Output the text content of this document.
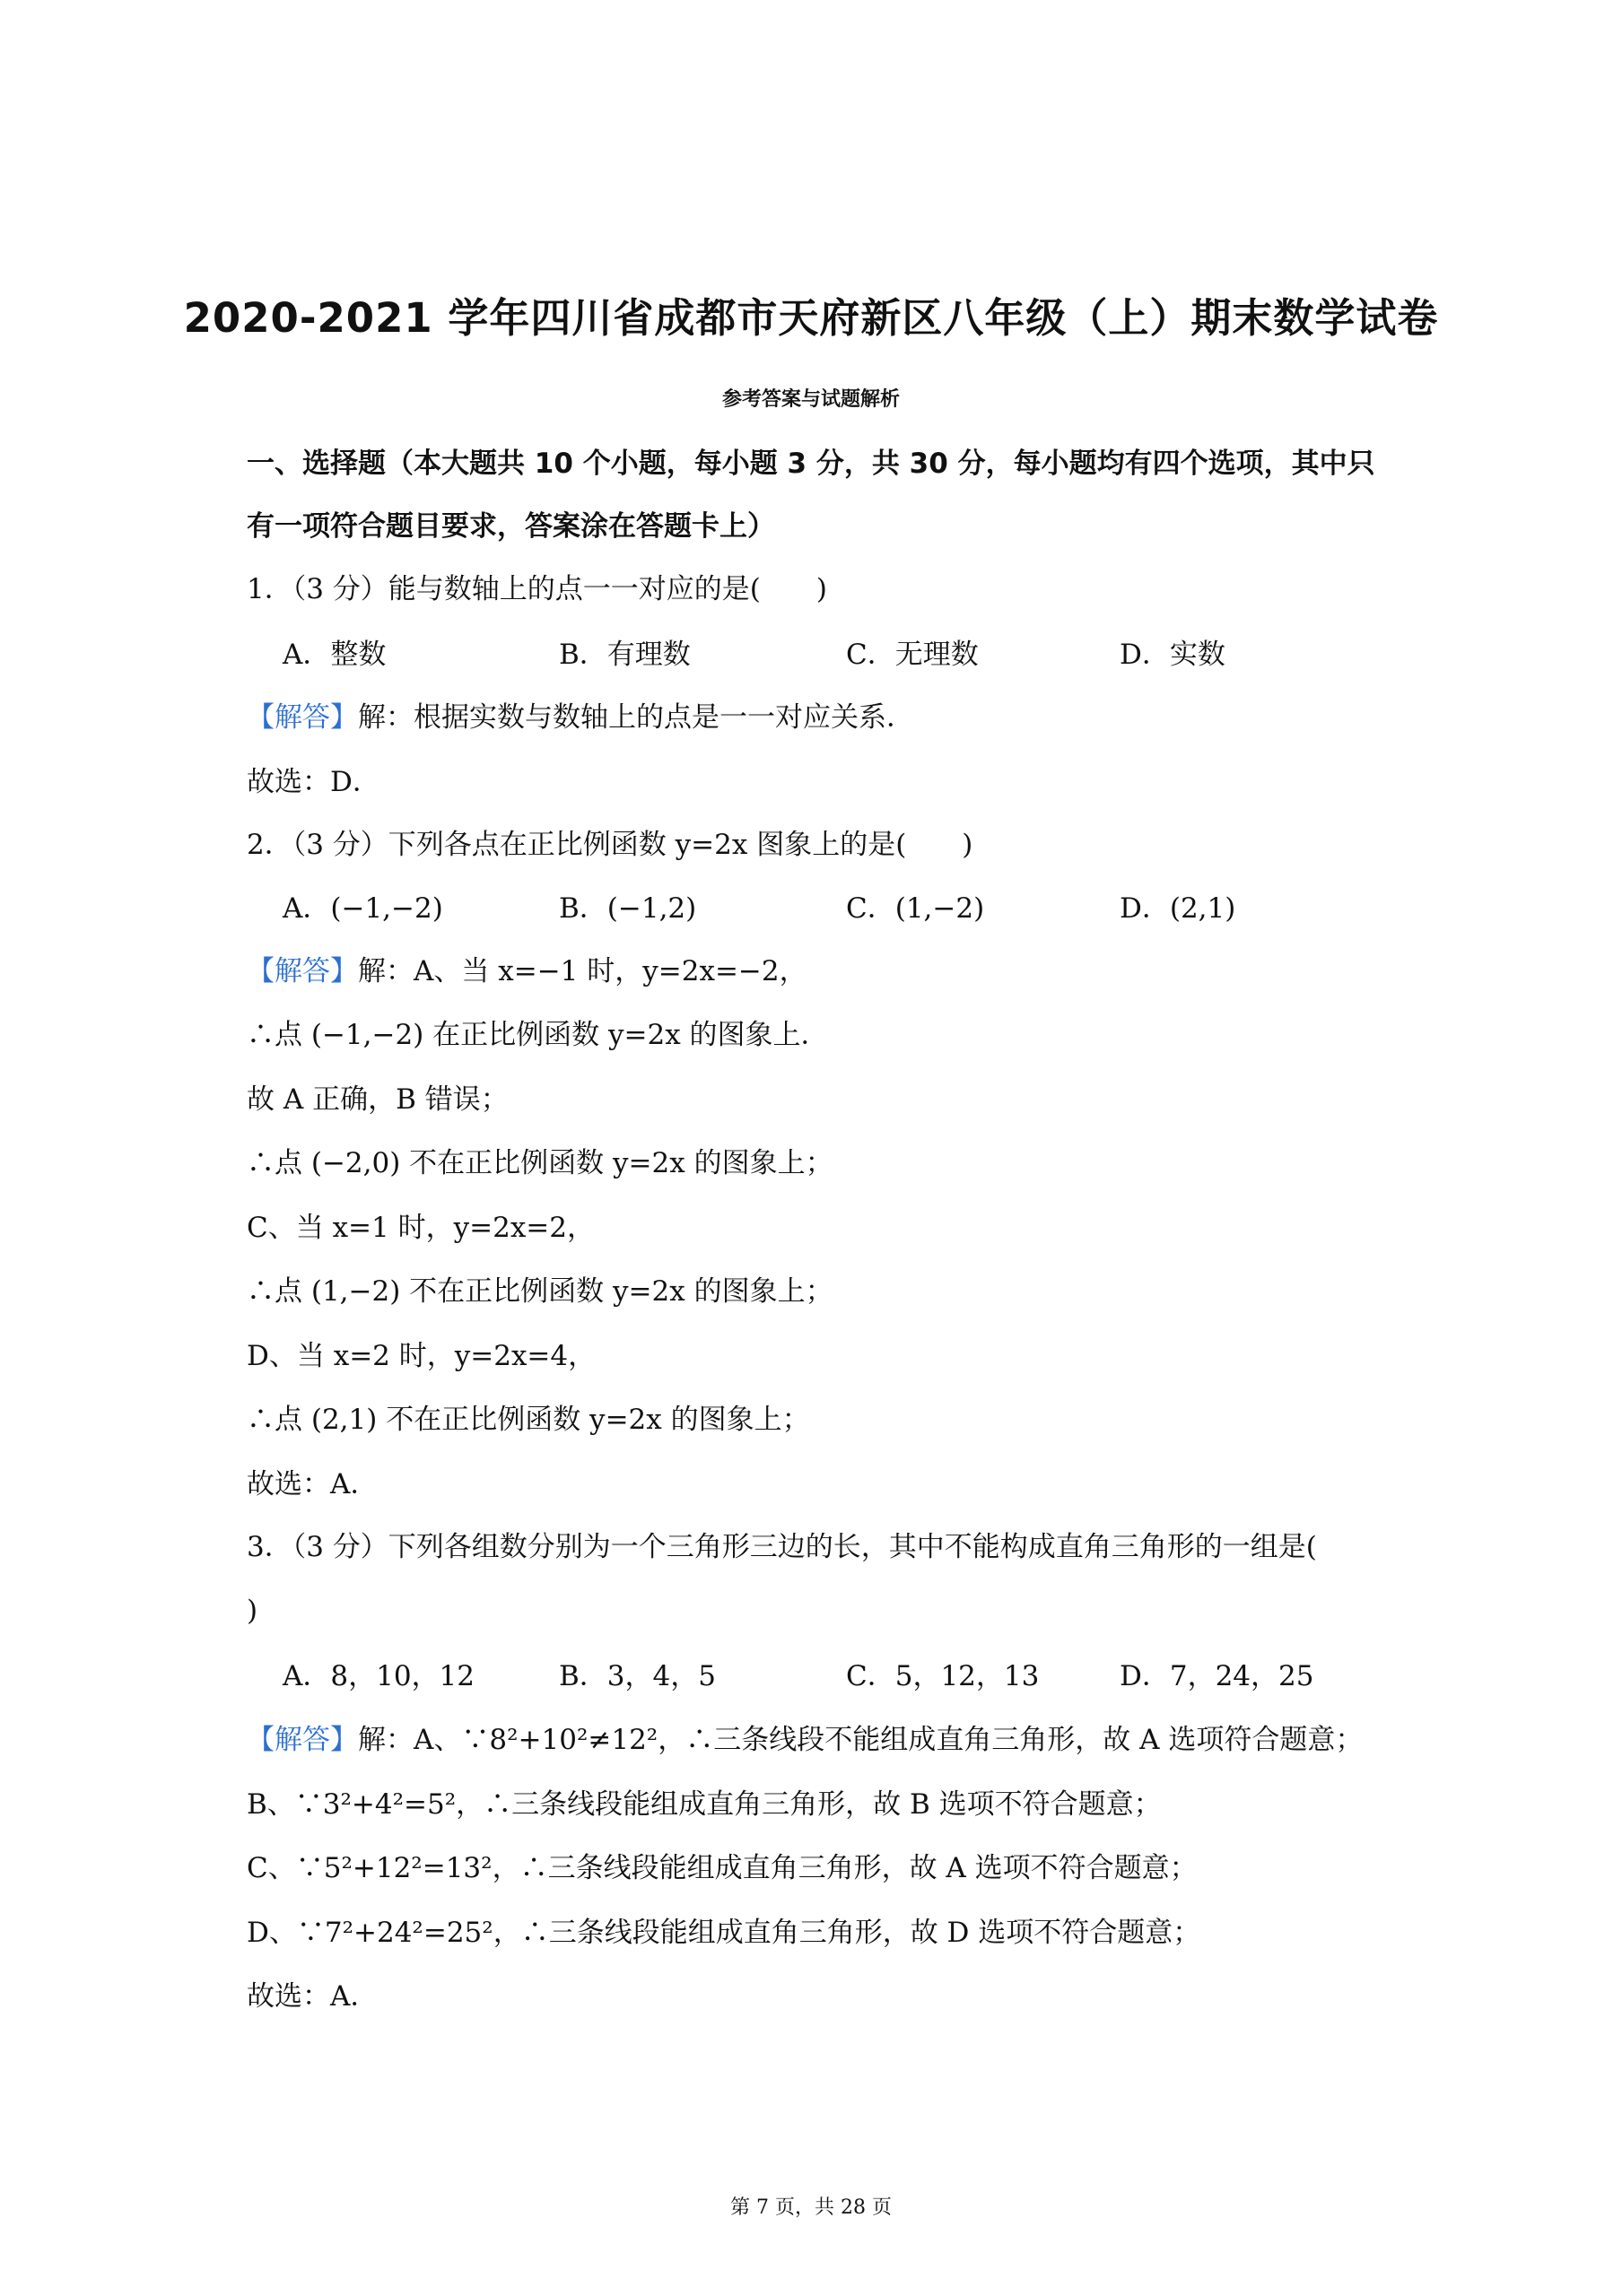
2020-2021 学年四川省成都市天府新区八年级（上）期末数学试卷
参考答案与试题解析
一、选择题（本大题共 10 个小题，每小题 3 分，共 30 分，每小题均有四个选项，其中只
有一项符合题目要求，答案涂在答题卡上）
1．（3 分）能与数轴上的点一一对应的是(　　)
A．整数	B．有理数	C．无理数	D．实数
【解答】解：根据实数与数轴上的点是一一对应关系．
故选：D．
2．（3 分）下列各点在正比例函数 y=2x 图象上的是(　　)
A．(−1,−2)	B．(−1,2)	C．(1,−2)	D．(2,1)
【解答】解：A、当 x=−1 时，y=2x=−2，
∴点 (−1,−2) 在正比例函数 y=2x 的图象上．
故 A 正确，B 错误；
∴点 (−2,0) 不在正比例函数 y=2x 的图象上；
C、当 x=1 时，y=2x=2，
∴点 (1,−2) 不在正比例函数 y=2x 的图象上；
D、当 x=2 时，y=2x=4，
∴点 (2,1) 不在正比例函数 y=2x 的图象上；
故选：A．
3．（3 分）下列各组数分别为一个三角形三边的长，其中不能构成直角三角形的一组是(
)
A．8，10，12	B．3，4，5	C．5，12，13	D．7，24，25
【解答】解：A、∵8²+10²≠12²，∴三条线段不能组成直角三角形，故 A 选项符合题意；
B、∵3²+4²=5²，∴三条线段能组成直角三角形，故 B 选项不符合题意；
C、∵5²+12²=13²，∴三条线段能组成直角三角形，故 A 选项不符合题意；
D、∵7²+24²=25²，∴三条线段能组成直角三角形，故 D 选项不符合题意；
故选：A．
第 7 页，共 28 页
